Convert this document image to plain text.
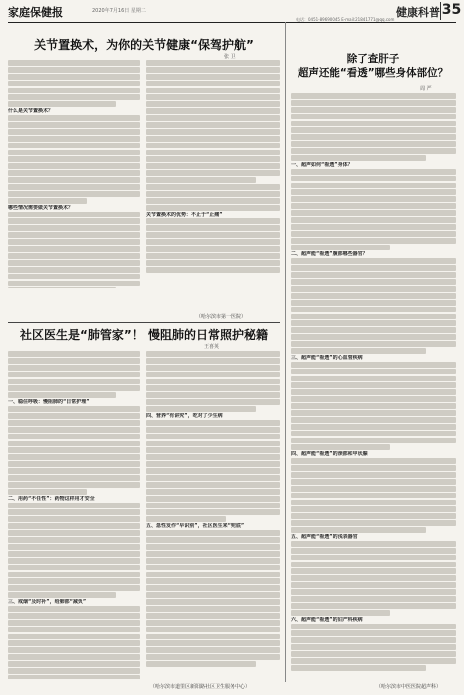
家庭保健报	2020年7月16日 星期二	健康科普 35
电话：0451-89690045 E-mail:21841771@qq.com
关节置换术，为你的关节健康“保驾护航”
张 卫
什么是关节置换术？
哪些情况需要做关节置换术？
关节置换术的优势：不止于“止痛”
（哈尔滨市第一医院）
社区医生是“肺管家”！ 慢阻肺的日常照护秘籍
王喜英
一、稳住呼吸：慢阻肺的“日常护理”
二、用药“不任性”：药物这样用才安全
三、戒烟“及时补”，给肺部“减负”
四、营养“有讲究”，吃对了少生病
五、急性发作“早识别”，社区医生来“兜底”
（哈尔滨市道里区新阳路社区卫生服务中心）
除了查肝子
超声还能“看透”哪些身体部位？
周 严
一、超声如何“看透”身体？
二、超声能“看透”腹部哪些器官？
三、超声能“看透”的心血管疾病
四、超声能“看透”的颈部和甲状腺
五、超声能“看透”的浅表器官
六、超声能“看透”的妇产科疾病
（哈尔滨市中医医院超声科）
